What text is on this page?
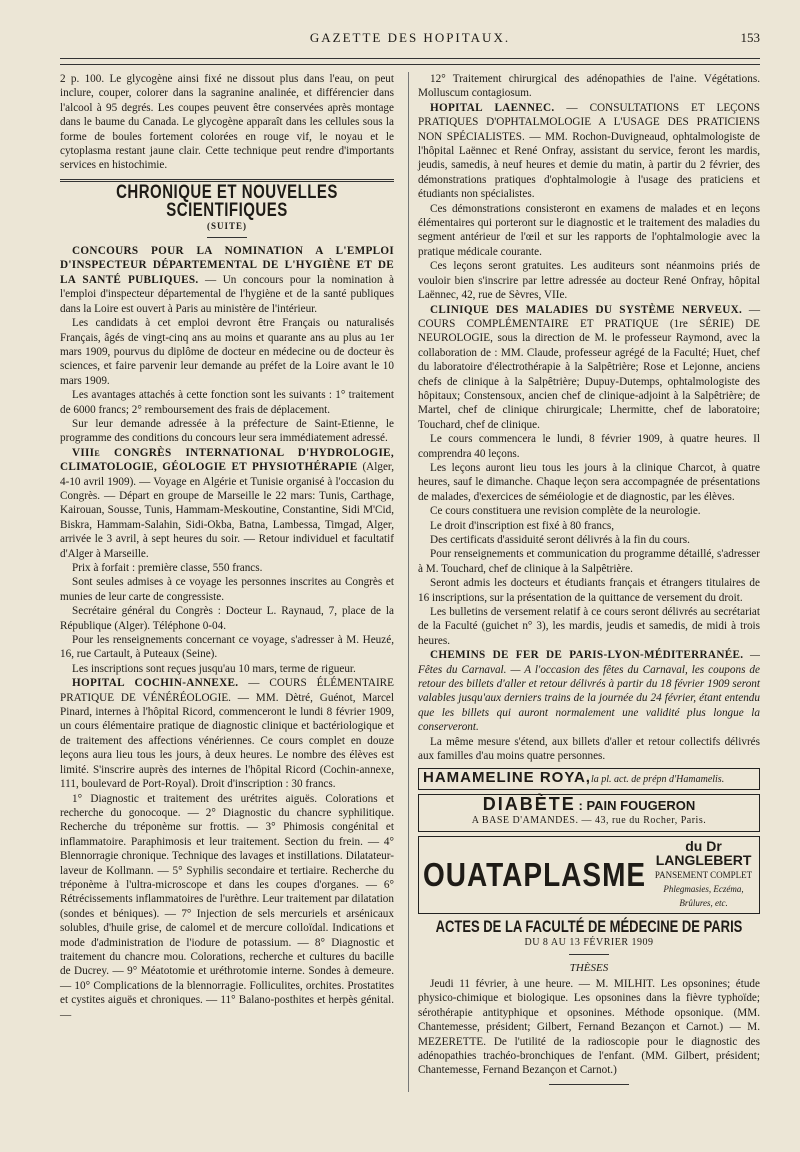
GAZETTE DES HOPITAUX.	153

2 p. 100. Le glycogène ainsi fixé ne dissout plus dans l'eau, on peut inclure, couper, colorer dans la sagranine analinée, et différencier dans l'alcool à 95 degrés. Les coupes peuvent être conservées après montage dans le baume du Canada. Le glycogène apparaît dans les cellules sous la forme de boules fortement colorées en rouge vif, le noyau et le cytoplasma restant jaune clair. Cette technique peut rendre d'importants services en histochimie.

CHRONIQUE ET NOUVELLES SCIENTIFIQUES
(SUITE)

CONCOURS POUR LA NOMINATION A L'EMPLOI D'INSPECTEUR DÉPARTEMENTAL DE L'HYGIÈNE ET DE LA SANTÉ PUBLIQUES. — Un concours pour la nomination à l'emploi d'inspecteur départemental de l'hygiène et de la santé publiques dans la Loire est ouvert à Paris au ministère de l'intérieur.

Les candidats à cet emploi devront être Français ou naturalisés Français, âgés de vingt-cinq ans au moins et quarante ans au plus au 1er mars 1909, pourvus du diplôme de docteur en médecine ou de docteur ès sciences, et faire parvenir leur demande au préfet de la Loire avant le 10 mars 1909.

Les avantages attachés à cette fonction sont les suivants : 1° traitement de 6000 francs; 2° remboursement des frais de déplacement.

Sur leur demande adressée à la préfecture de Saint-Etienne, le programme des conditions du concours leur sera immédiatement adressé.

VIIIe CONGRÈS INTERNATIONAL D'HYDROLOGIE, CLIMATOLOGIE, GÉOLOGIE ET PHYSIOTHÉRAPIE (Alger, 4-10 avril 1909). — Voyage en Algérie et Tunisie organisé à l'occasion du Congrès. — Départ en groupe de Marseille le 22 mars: Tunis, Carthage, Kairouan, Sousse, Tunis, Hammam-Meskoutine, Constantine, Sidi M'Cid, Biskra, Hammam-Salahin, Sidi-Okba, Batna, Lambessa, Timgad, Alger, arrivée le 3 avril, à sept heures du soir. — Retour individuel et facultatif d'Alger à Marseille.

Prix à forfait : première classe, 550 francs.

Sont seules admises à ce voyage les personnes inscrites au Congrès et munies de leur carte de congressiste.

Secrétaire général du Congrès : Docteur L. Raynaud, 7, place de la République (Alger). Téléphone 0-04.

Pour les renseignements concernant ce voyage, s'adresser à M. Heuzé, 16, rue Cartault, à Puteaux (Seine).

Les inscriptions sont reçues jusqu'au 10 mars, terme de rigueur.

HOPITAL COCHIN-ANNEXE. — COURS ÉLÉMENTAIRE PRATIQUE DE VÉNÉRÉOLOGIE. — MM. Dètré, Guénot, Marcel Pinard, internes à l'hôpital Ricord, commenceront le lundi 8 février 1909, un cours élémentaire pratique de diagnostic clinique et bactériologique et de traitement des affections vénériennes. Ce cours complet en douze leçons aura lieu tous les jours, à deux heures. Le nombre des élèves est limité. S'inscrire auprès des internes de l'hôpital Ricord (Cochin-annexe, 111, boulevard de Port-Royal). Droit d'inscription : 30 francs.

1° Diagnostic et traitement des urétrites aiguës. Colorations et recherche du gonocoque. — 2° Diagnostic du chancre syphilitique. Recherche du tréponème sur frottis. — 3° Phimosis congénital et inflammatoire. Paraphimosis et leur traitement. Section du frein. — 4° Blennorragie chronique. Technique des lavages et instillations. Dilatateur-laveur de Kollmann. — 5° Syphilis secondaire et tertiaire. Recherche du tréponème à l'ultra-microscope et dans les coupes d'organes. — 6° Rétrécissements inflammatoires de l'urèthre. Leur traitement par dilatation (sondes et béniques). — 7° Injection de sels mercuriels et arsénicaux solubles, d'huile grise, de calomel et de mercure colloïdal. Indications et mode d'administration de l'iodure de potassium. — 8° Diagnostic et traitement du chancre mou. Colorations, recherche et cultures du bacille de Ducrey. — 9° Méatotomie et uréthrotomie interne. Sondes à demeure. — 10° Complications de la blennorragie. Folliculites, orchites. Prostatites et cystites aiguës et chroniques. — 11° Balano-posthites et herpès génital. —

12° Traitement chirurgical des adénopathies de l'aine. Végétations. Molluscum contagiosum.

HOPITAL LAENNEC. — CONSULTATIONS ET LEÇONS PRATIQUES D'OPHTALMOLOGIE A L'USAGE DES PRATICIENS NON SPÉCIALISTES. — MM. Rochon-Duvigneaud, ophtalmologiste de l'hôpital Laënnec et René Onfray, assistant du service, feront les mardis, jeudis, samedis, à neuf heures et demie du matin, à partir du 2 février, des démonstrations pratiques d'ophtalmologie à l'usage des praticiens et étudiants non spécialistes.

Ces démonstrations consisteront en examens de malades et en leçons élémentaires qui porteront sur le diagnostic et le traitement des maladies du segment antérieur de l'œil et sur les rapports de l'ophtalmologie avec la pratique médicale courante.

Ces leçons seront gratuites. Les auditeurs sont néanmoins priés de vouloir bien s'inscrire par lettre adressée au docteur René Onfray, hôpital Laënnec, 42, rue de Sèvres, VIIe.

CLINIQUE DES MALADIES DU SYSTÈME NERVEUX. — COURS COMPLÉMENTAIRE ET PRATIQUE (1re SÉRIE) DE NEUROLOGIE, sous la direction de M. le professeur Raymond, avec la collaboration de : MM. Claude, professeur agrégé de la Faculté; Huet, chef du laboratoire d'électrothérapie à la Salpêtrière; Rose et Lejonne, anciens chefs de clinique à la Salpêtrière; Dupuy-Dutemps, ophtalmologiste des hôpitaux; Constensoux, ancien chef de clinique-adjoint à la Salpêtrière; de Martel, chef de clinique chirurgicale; Lhermitte, chef de laboratoire; Touchard, chef de clinique.

Le cours commencera le lundi, 8 février 1909, à quatre heures. Il comprendra 40 leçons.

Les leçons auront lieu tous les jours à la clinique Charcot, à quatre heures, sauf le dimanche. Chaque leçon sera accompagnée de présentations de malades, d'exercices de séméiologie et de diagnostic, par les élèves.

Ce cours constituera une revision complète de la neurologie.

Le droit d'inscription est fixé à 80 francs,

Des certificats d'assiduité seront délivrés à la fin du cours.

Pour renseignements et communication du programme détaillé, s'adresser à M. Touchard, chef de clinique à la Salpêtrière.

Seront admis les docteurs et étudiants français et étrangers titulaires de 16 inscriptions, sur la présentation de la quittance de versement du droit.

Les bulletins de versement relatif à ce cours seront délivrés au secrétariat de la Faculté (guichet n° 3), les mardis, jeudis et samedis, de midi à trois heures.

CHEMINS DE FER DE PARIS-LYON-MÉDITERRANÉE. — Fêtes du Carnaval. — A l'occasion des fêtes du Carnaval, les coupons de retour des billets d'aller et retour délivrés à partir du 18 février 1909 seront valables jusqu'aux derniers trains de la journée du 24 février, étant entendu que les billets qui auront normalement une validité plus longue la conserveront.

La même mesure s'étend, aux billets d'aller et retour collectifs délivrés aux familles d'au moins quatre personnes.

HAMAMELINE ROYA,la pl. act. de prépn d'Hamamelis.
DIABÈTE : PAIN FOUGERON
A BASE D'AMANDES. — 43, rue du Rocher, Paris.
OUATAPLASME
du Dr LANGLEBERT
PANSEMENT COMPLET
Phlegmasies, Eczéma, Brûlures, etc.
ACTES DE LA FACULTÉ DE MÉDECINE DE PARIS
DU 8 AU 13 FÉVRIER 1909
THÈSES

Jeudi 11 février, à une heure. — M. MILHIT. Les opsonines; étude physico-chimique et biologique. Les opsonines dans la fièvre typhoïde; sérothérapie antityphique et opsonines. Méthode opsonique. (MM. Chantemesse, président; Gilbert, Fernand Bezançon et Carnot.) — M. MEZERETTE. De l'utilité de la radioscopie pour le diagnostic des adénopathies trachéo-bronchiques de l'enfant. (MM. Gilbert, président; Chantemesse, Fernand Bezançon et Carnot.)
